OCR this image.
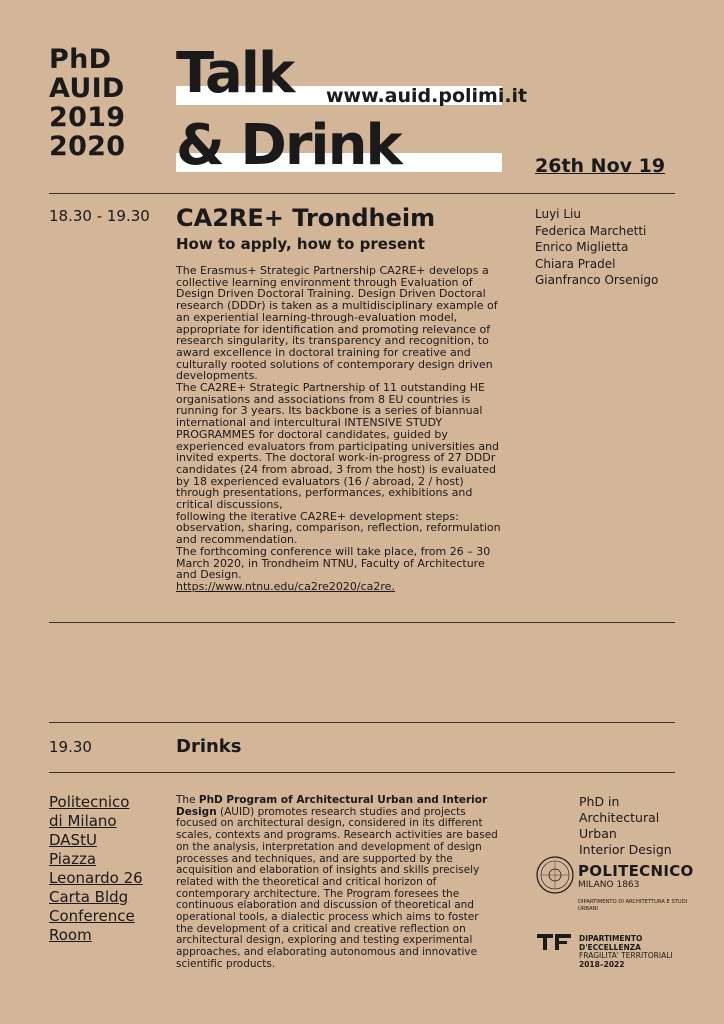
PhD
AUID
2019
2020
Talk
& Drink
www.auid.polimi.it
26th Nov 19
18.30 - 19.30 CA2RE+ Trondheim
How to apply, how to present

The Erasmus+ Strategic Partnership CA2RE+ develops a collective learning environment through Evaluation of Design Driven Doctoral Training. Design Driven Doctoral research (DDDr) is taken as a multidisciplinary example of an experiential learning-through-evaluation model, appropriate for identification and promoting relevance of research singularity, its transparency and recognition, to award excellence in doctoral training for creative and culturally rooted solutions of contemporary design driven developments.

The CA2RE+ Strategic Partnership of 11 outstanding HE organisations and associations from 8 EU countries is running for 3 years. Its backbone is a series of biannual international and intercultural INTENSIVE STUDY PROGRAMMES for doctoral candidates, guided by experienced evaluators from participating universities and invited experts. The doctoral work-in-progress of 27 DDDr candidates (24 from abroad, 3 from the host) is evaluated by 18 experienced evaluators (16 / abroad, 2 / host) through presentations, performances, exhibitions and critical discussions,

following the iterative CA2RE+ development steps: observation, sharing, comparison, reflection, reformulation and recommendation.

The forthcoming conference will take place, from 26 – 30 March 2020, in Trondheim NTNU, Faculty of Architecture and Design.

https://www.ntnu.edu/ca2re2020/ca2re.

Luyi Liu
Federica Marchetti
Enrico Miglietta
Chiara Pradel
Gianfranco Orsenigo
19.30	Drinks
Politecnico
di Milano
DAStU
Piazza
Leonardo 26
Carta Bldg
Conference
Room
The PhD Program of Architectural Urban and Interior Design (AUID) promotes research studies and projects focused on architectural design, considered in its different scales, contexts and programs. Research activities are based on the analysis, interpretation and development of design processes and techniques, and are supported by the acquisition and elaboration of insights and skills precisely related with the theoretical and critical horizon of contemporary architecture. The Program foresees the continuous elaboration and discussion of theoretical and operational tools, a dialectic process which aims to foster the development of a critical and creative reflection on architectural design, exploring and testing experimental approaches, and elaborating autonomous and innovative scientific products.
PhD in
Architectural
Urban
Interior Design
POLITECNICO
MILANO 1863
DIPARTIMENTO DI ARCHITETTURA E STUDI URBANI
DIPARTIMENTO
D'ECCELLENZA
FRAGILITA' TERRITORIALI
2018–2022
